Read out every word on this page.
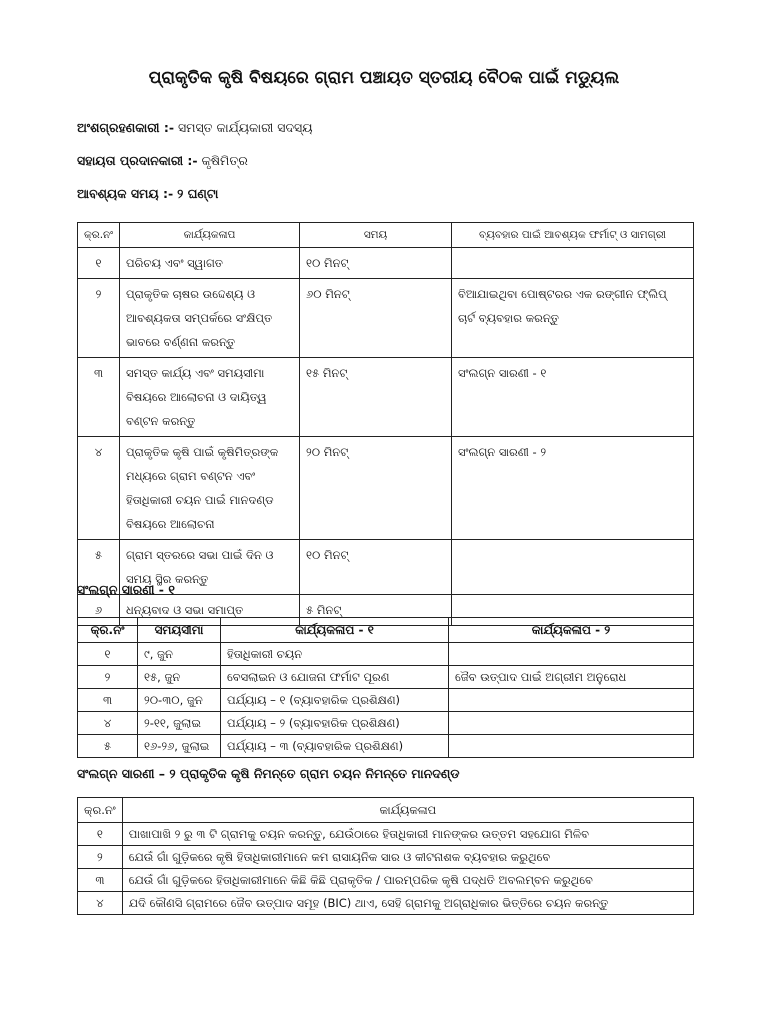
ପ୍ରାକୃତିକ କୃଷି ବିଷୟରେ ଗ୍ରାମ ପଞ୍ଚାୟତ ସ୍ତରୀୟ ବୈଠକ ପାଇଁ ମଡ୍ୟୁଲ
ଅଂଶଗ୍ରହଣକାରୀ :- ସମସ୍ତ କାର୍ଯ୍ୟକାରୀ ସଦସ୍ୟ
ସହାୟତା ପ୍ରଦାନକାରୀ :- କୃଷିମିତ୍ର
ଆବଶ୍ୟକ ସମୟ :- ୨ ଘଣ୍ଟା
କ୍ର.ନଂ	କାର୍ଯ୍ୟକଳାପ	ସମୟ	ବ୍ୟବହାର ପାଇଁ ଆବଶ୍ୟକ ଫର୍ମାଟ୍ ଓ ସାମଗ୍ରୀ
୧	ପରିଚୟ ଏବଂ ସ୍ୱାଗତ	୧୦ ମିନଟ୍	
୨	ପ୍ରାକୃତିକ ଚାଷର ଉଦ୍ଦେଶ୍ୟ ଓ ଆବଶ୍ୟକତା ସମ୍ପର୍କରେ ସଂକ୍ଷିପ୍ତ ଭାବରେ ବର୍ଣ୍ଣନା କରନ୍ତୁ	୬୦ ମିନଟ୍	ବିଆଯାଇଥିବା ପୋଷ୍ଟରର ଏକ ରଙ୍ଗୀନ ଫ୍ଲିପ୍ ଚାର୍ଟ ବ୍ୟବହାର କରନ୍ତୁ
୩	ସମସ୍ତ କାର୍ଯ୍ୟ ଏବଂ ସମୟସୀମା ବିଷୟରେ ଆଲୋଚନା ଓ ଦାୟିତ୍ୱ ବଣ୍ଟନ କରନ୍ତୁ	୧୫ ମିନଟ୍	ସଂଲଗ୍ନ ସାରଣୀ - ୧
୪	ପ୍ରାକୃତିକ କୃଷି ପାଇଁ କୃଷିମିତ୍ରଙ୍କ ମଧ୍ୟରେ ଗ୍ରାମ ବଣ୍ଟନ ଏବଂ ହିତାଧିକାରୀ ଚୟନ ପାଇଁ ମାନଦଣ୍ଡ ବିଷୟରେ ଆଲୋଚନା	୨୦ ମିନଟ୍	ସଂଲଗ୍ନ ସାରଣୀ - ୨
୫	ଗ୍ରାମ ସ୍ତରରେ ସଭା ପାଇଁ ଦିନ ଓ ସମୟ ସ୍ଥିର କରନ୍ତୁ	୧୦ ମିନଟ୍	
୬	ଧନ୍ୟବାଦ ଓ ସଭା ସମାପ୍ତ	୫ ମିନଟ୍	
ସଂଲଗ୍ନ ସାରଣୀ - ୧
କ୍ର.ନଂ	ସମୟସୀମା	କାର୍ଯ୍ୟକଳାପ - ୧	କାର୍ଯ୍ୟକଳାପ - ୨
୧	୯, ଜୁନ	ହିତାଧିକାରୀ ଚୟନ	
୨	୧୫, ଜୁନ	ବେସଲାଇନ ଓ ଯୋଜନା ଫର୍ମାଟ ପୂରଣ	ଜୈବ ଉତ୍ପାଦ ପାଇଁ ଅଗ୍ରୀମ ଅନୁରୋଧ
୩	୨୦-୩୦, ଜୁନ	ପର୍ଯ୍ୟାୟ – ୧ (ବ୍ୟାବହାରିକ ପ୍ରଶିକ୍ଷଣ)	
୪	୨-୧୧, ଜୁଲାଇ	ପର୍ଯ୍ୟାୟ – ୨ (ବ୍ୟାବହାରିକ ପ୍ରଶିକ୍ଷଣ)	
୫	୧୬-୨୬, ଜୁଲାଇ	ପର୍ଯ୍ୟାୟ – ୩ (ବ୍ୟାବହାରିକ ପ୍ରଶିକ୍ଷଣ)	
ସଂଲଗ୍ନ ସାରଣୀ – ୨ ପ୍ରାକୃତିକ କୃଷି ନିମନ୍ତେ ଗ୍ରାମ ଚୟନ ନିମନ୍ତେ ମାନଦଣ୍ଡ
କ୍ର.ନଂ	କାର୍ଯ୍ୟକଳାପ
୧	ପାଖାପାଖି ୨ ରୁ ୩ ଟି ଗ୍ରାମକୁ ଚୟନ କରନ୍ତୁ, ଯେଉଁଠାରେ ହିତାଧିକାରୀ ମାନଙ୍କର ଉତ୍ତମ ସହଯୋଗ ମିଳିବ
୨	ଯେଉଁ ଗାଁ ଗୁଡ଼ିକରେ କୃଷି ହିତାଧିକାରୀମାନେ କମ ରାସାୟନିକ ସାର ଓ କୀଟନାଶକ ବ୍ୟବହାର କରୁଥିବେ
୩	ଯେଉଁ ଗାଁ ଗୁଡ଼ିକରେ ହିତାଧିକାରୀମାନେ କିଛି କିଛି ପ୍ରାକୃତିକ / ପାରମ୍ପରିକ କୃଷି ପଦ୍ଧତି ଅବଲମ୍ବନ କରୁଥିବେ
୪	ଯଦି କୌଣସି ଗ୍ରାମରେ ଜୈବ ଉତ୍ପାଦ ସମୂହ (BIC) ଥାଏ, ସେହି ଗ୍ରାମକୁ ଅଗ୍ରାଧିକାର ଭିତ୍ତିରେ ଚୟନ କରନ୍ତୁ
